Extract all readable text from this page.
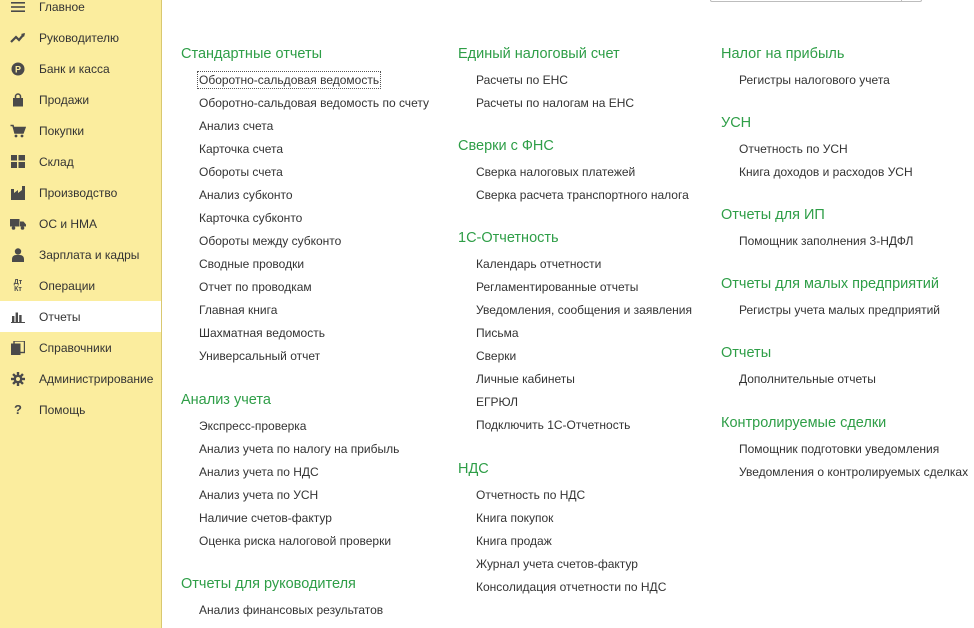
Главное
Руководителю
P Банк и касса
Продажи
Покупки
Склад
Производство
ОС и НМА
Зарплата и кадры
Дт Кт Операции
Отчеты
Справочники
Администрирование
? Помощь
Стандартные отчеты
Оборотно-сальдовая ведомость
Оборотно-сальдовая ведомость по счету
Анализ счета
Карточка счета
Обороты счета
Анализ субконто
Карточка субконто
Обороты между субконто
Сводные проводки
Отчет по проводкам
Главная книга
Шахматная ведомость
Универсальный отчет
Анализ учета
Экспресс-проверка
Анализ учета по налогу на прибыль
Анализ учета по НДС
Анализ учета по УСН
Наличие счетов-фактур
Оценка риска налоговой проверки
Отчеты для руководителя
Анализ финансовых результатов
Единый налоговый счет
Расчеты по ЕНС
Расчеты по налогам на ЕНС
Сверки с ФНС
Сверка налоговых платежей
Сверка расчета транспортного налога
1С-Отчетность
Календарь отчетности
Регламентированные отчеты
Уведомления, сообщения и заявления
Письма
Сверки
Личные кабинеты
ЕГРЮЛ
Подключить 1С-Отчетность
НДС
Отчетность по НДС
Книга покупок
Книга продаж
Журнал учета счетов-фактур
Консолидация отчетности по НДС
Налог на прибыль
Регистры налогового учета
УСН
Отчетность по УСН
Книга доходов и расходов УСН
Отчеты для ИП
Помощник заполнения 3-НДФЛ
Отчеты для малых предприятий
Регистры учета малых предприятий
Отчеты
Дополнительные отчеты
Контролируемые сделки
Помощник подготовки уведомления
Уведомления о контролируемых сделках
